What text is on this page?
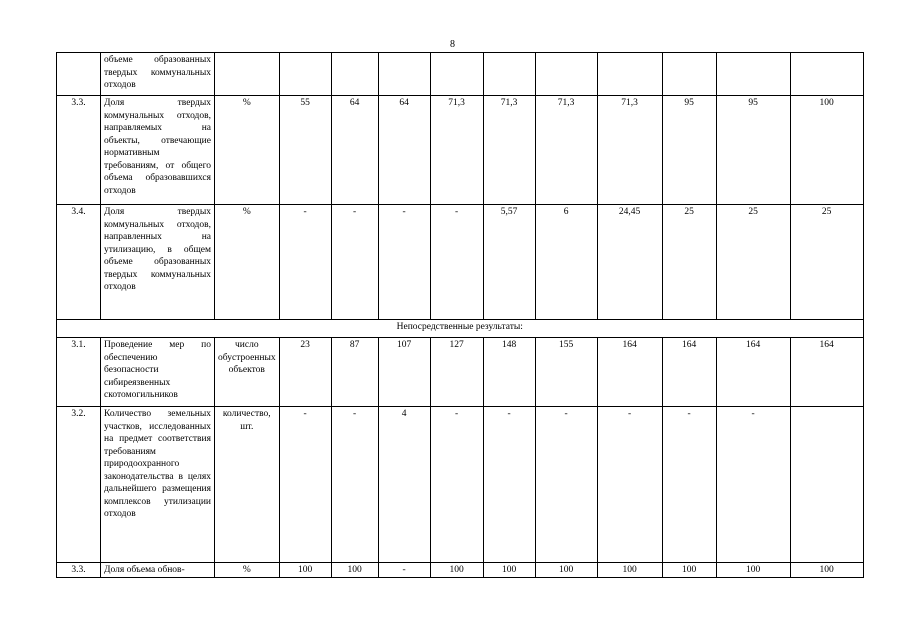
8

	объеме образованных твердых коммунальных отходов											

3.3.	Доля твердых коммунальных отходов, направляемых на объекты, отвечающие нормативным требованиям, от общего объема образовавшихся отходов	%	55	64	64	71,3	71,3	71,3	71,3	95	95	100
3.4.	Доля твердых коммунальных отходов, направленных на утилизацию, в общем объеме образованных твердых коммунальных отходов	%	-	-	-	-	5,57	6	24,45	25	25	25
Непосредственные результаты:												
3.1.	Проведение мер по обеспечению безопасности сибиреязвенных скотомогильников	число обустроенных объектов	23	87	107	127	148	155	164	164	164	164
3.2.	Количество земельных участков, исследованных на предмет соответствия требованиям природоохранного законодательства в целях дальнейшего размещения комплексов утилизации отходов	количество, шт.	-	-	4	-	-	-	-	-	-	
3.3.	Доля объема обнов-	%	100	100	-	100	100	100	100	100	100	100
